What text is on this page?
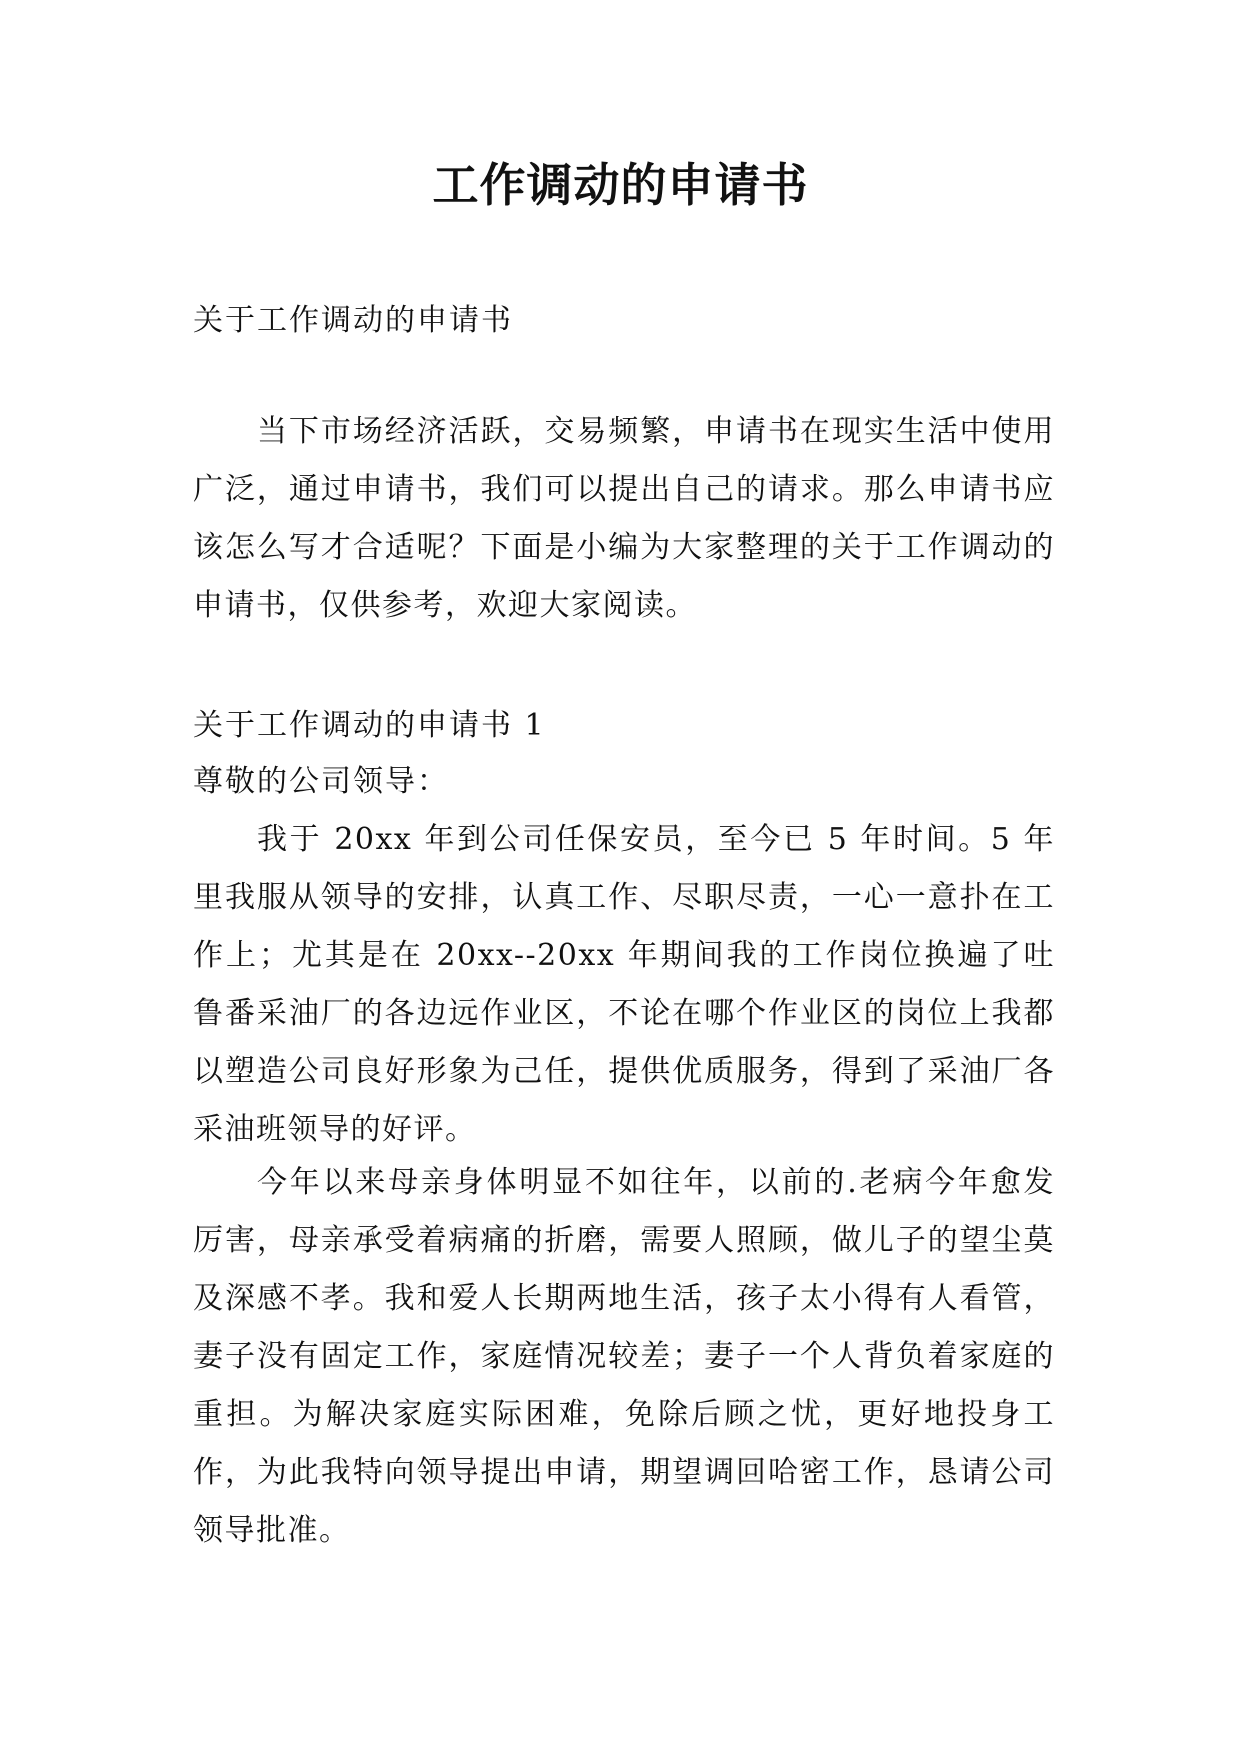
工作调动的申请书

关于工作调动的申请书

当下市场经济活跃，交易频繁，申请书在现实生活中使用广泛，通过申请书，我们可以提出自己的请求。那么申请书应该怎么写才合适呢？下面是小编为大家整理的关于工作调动的申请书，仅供参考，欢迎大家阅读。

关于工作调动的申请书 1

尊敬的公司领导：

我于 20xx 年到公司任保安员，至今已 5 年时间。5 年里我服从领导的安排，认真工作、尽职尽责，一心一意扑在工作上；尤其是在 20xx--20xx 年期间我的工作岗位换遍了吐鲁番采油厂的各边远作业区，不论在哪个作业区的岗位上我都以塑造公司良好形象为己任，提供优质服务，得到了采油厂各采油班领导的好评。

今年以来母亲身体明显不如往年，以前的.老病今年愈发厉害，母亲承受着病痛的折磨，需要人照顾，做儿子的望尘莫及深感不孝。我和爱人长期两地生活，孩子太小得有人看管，妻子没有固定工作，家庭情况较差；妻子一个人背负着家庭的重担。为解决家庭实际困难，免除后顾之忧，更好地投身工作，为此我特向领导提出申请，期望调回哈密工作，恳请公司领导批准。
